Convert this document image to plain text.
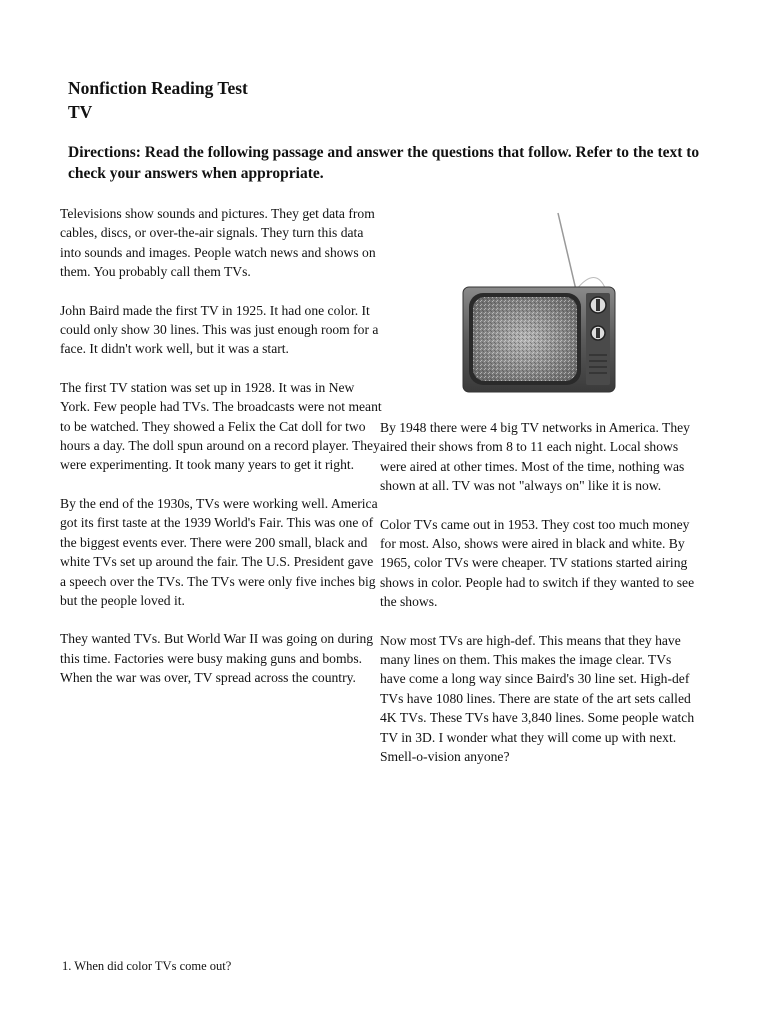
Nonfiction Reading Test
TV
Directions: Read the following passage and answer the questions that follow. Refer to the text to check your answers when appropriate.

Televisions show sounds and pictures. They get data from cables, discs, or over-the-air signals. They turn this data into sounds and images. People watch news and shows on them. You probably call them TVs.

John Baird made the first TV in 1925. It had one color. It could only show 30 lines. This was just enough room for a face. It didn't work well, but it was a start.

The first TV station was set up in 1928. It was in New York. Few people had TVs. The broadcasts were not meant to be watched. They showed a Felix the Cat doll for two hours a day. The doll spun around on a record player. They were experimenting. It took many years to get it right.

By the end of the 1930s, TVs were working well. America got its first taste at the 1939 World's Fair. This was one of the biggest events ever. There were 200 small, black and white TVs set up around the fair. The U.S. President gave a speech over the TVs. The TVs were only five inches big but the people loved it.

They wanted TVs. But World War II was going on during this time. Factories were busy making guns and bombs. When the war was over, TV spread across the country.

By 1948 there were 4 big TV networks in America. They aired their shows from 8 to 11 each night. Local shows were aired at other times. Most of the time, nothing was shown at all. TV was not "always on" like it is now.

Color TVs came out in 1953. They cost too much money for most. Also, shows were aired in black and white. By 1965, color TVs were cheaper. TV stations started airing shows in color. People had to switch if they wanted to see the shows.

Now most TVs are high-def. This means that they have many lines on them. This makes the image clear. TVs have come a long way since Baird's 30 line set. High-def TVs have 1080 lines. There are state of the art sets called 4K TVs. These TVs have 3,840 lines. Some people watch TV in 3D. I wonder what they will come up with next. Smell-o-vision anyone?

1. When did color TVs come out?
